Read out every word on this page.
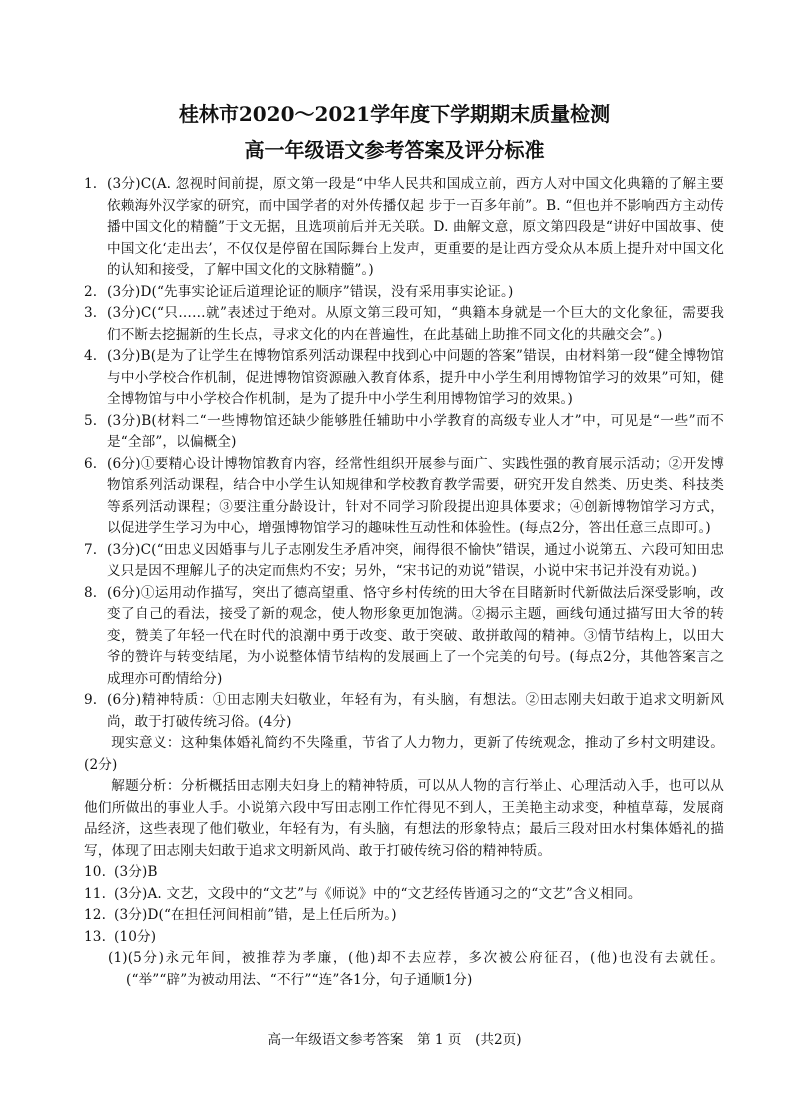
桂林市2020～2021学年度下学期期末质量检测
高一年级语文参考答案及评分标准
1. (3分)C(A. 忽视时间前提，原文第一段是“中华人民共和国成立前，西方人对中国文化典籍的了解主要依赖海外汉学家的研究，而中国学者的对外传播仅起 步于一百多年前”。B. “但也并不影响西方主动传播中国文化的精髓”于文无据，且选项前后并无关联。D. 曲解文意，原文第四段是“讲好中国故事、使中国文化‘走出去’，不仅仅是停留在国际舞台上发声，更重要的是让西方受众从本质上提升对中国文化的认知和接受，了解中国文化的文脉精髓”。)
2. (3分)D(“先事实论证后道理论证的顺序”错误，没有采用事实论证。)
3. (3分)C(“只……就”表述过于绝对。从原文第三段可知，“典籍本身就是一个巨大的文化象征，需要我们不断去挖掘新的生长点，寻求文化的内在普遍性，在此基础上助推不同文化的共融交会”。)
4. (3分)B(是为了让学生在博物馆系列活动课程中找到心中问题的答案”错误，由材料第一段“健全博物馆与中小学校合作机制，促进博物馆资源融入教育体系，提升中小学生利用博物馆学习的效果”可知，健全博物馆与中小学校合作机制，是为了提升中小学生利用博物馆学习的效果。)
5. (3分)B(材料二“一些博物馆还缺少能够胜任辅助中小学教育的高级专业人才”中，可见是“一些”而不是“全部”，以偏概全)
6. (6分)①要精心设计博物馆教育内容，经常性组织开展参与面广、实践性强的教育展示活动；②开发博物馆系列活动课程，结合中小学生认知规律和学校教育教学需要，研究开发自然类、历史类、科技类等系列活动课程；③要注重分龄设计，针对不同学习阶段提出迎具体要求；④创新博物馆学习方式，以促进学生学习为中心，增强博物馆学习的趣味性互动性和体验性。(每点2分，答出任意三点即可。)
7. (3分)C(“田忠义因婚事与儿子志刚发生矛盾冲突，闹得很不愉快”错误，通过小说第五、六段可知田忠义只是因不理解儿子的决定而焦灼不安；另外，“宋书记的劝说”错误，小说中宋书记并没有劝说。)
8. (6分)①运用动作描写，突出了德高望重、恪守乡村传统的田大爷在目睹新时代新做法后深受影响，改变了自己的看法，接受了新的观念，使人物形象更加饱满。②揭示主题，画线句通过描写田大爷的转变，赞美了年轻一代在时代的浪潮中勇于改变、敢于突破、敢拼敢闯的精神。③情节结构上，以田大爷的赞许与转变结尾，为小说整体情节结构的发展画上了一个完美的句号。(每点2分，其他答案言之成理亦可酌情给分)
9. (6分)精神特质：①田志刚夫妇敬业，年轻有为，有头脑，有想法。②田志刚夫妇敢于追求文明新风尚，敢于打破传统习俗。(4分)
现实意义：这种集体婚礼简约不失隆重，节省了人力物力，更新了传统观念，推动了乡村文明建设。(2分)
解题分析：分析概括田志刚夫妇身上的精神特质，可以从人物的言行举止、心理活动入手，也可以从他们所做出的事业人手。小说第六段中写田志刚工作忙得见不到人，王美艳主动求变，种植草莓，发展商品经济，这些表现了他们敬业，年轻有为，有头脑，有想法的形象特点；最后三段对田水村集体婚礼的描写，体现了田志刚夫妇敢于追求文明新风尚、敢于打破传统习俗的精神特质。
10. (3分)B
11. (3分)A. 文艺，文段中的“文艺”与《师说》中的“文艺经传皆通习之的“文艺”含义相同。
12. (3分)D(“在担任河间相前”错，是上任后所为。)
13. (10分)
(1)(5分)永元年间，被推荐为孝廉，(他)却不去应荐，多次被公府征召，(他)也没有去就任。(“举”“辟”为被动用法、“不行”“连”各1分，句子通顺1分)
高一年级语文参考答案　第 1 页　(共2页)
